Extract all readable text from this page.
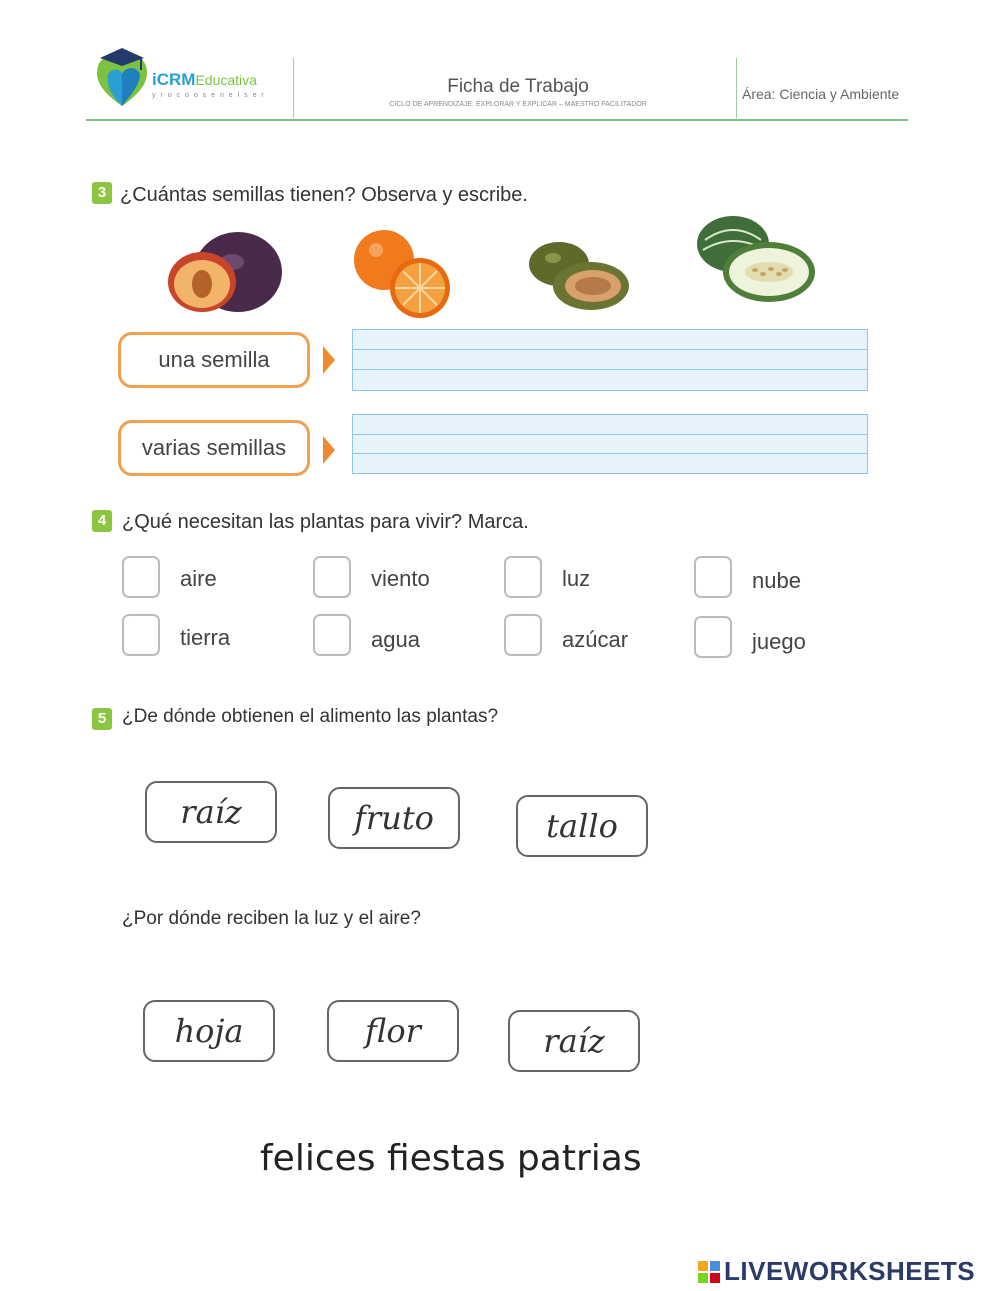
iCRMEducativa
y r o c o o s e n e l s e r	Ficha de Trabajo
CICLO DE APRENDIZAJE: EXPLORAR Y EXPLICAR – MAESTRO FACILITADOR
Área: Ciencia y Ambiente
3 ¿Cuántas semillas tienen? Observa y escribe.
una semilla
varias semillas
4 ¿Qué necesitan las plantas para vivir? Marca.
aire	viento	luz	nube
tierra	agua	azúcar	juego
5 ¿De dónde obtienen el alimento las plantas?
raíz	fruto	tallo
¿Por dónde reciben la luz y el aire?
hoja	flor	raíz
felices fiestas patrias
LIVEWORKSHEETS
